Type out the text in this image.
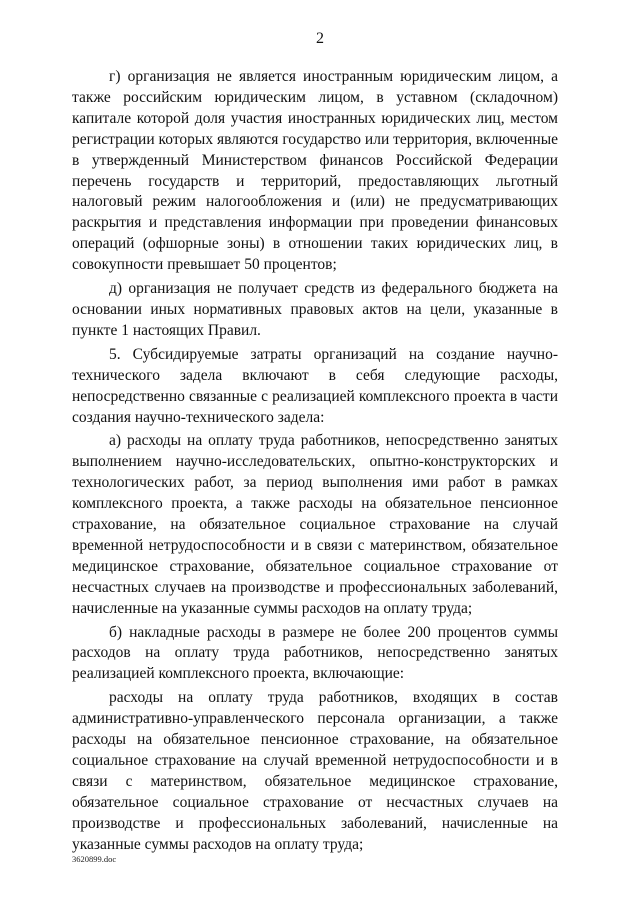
2

г) организация не является иностранным юридическим лицом, а также российским юридическим лицом, в уставном (складочном) капитале которой доля участия иностранных юридических лиц, местом регистрации которых являются государство или территория, включенные в утвержденный Министерством финансов Российской Федерации перечень государств и территорий, предоставляющих льготный налоговый режим налогообложения и (или) не предусматривающих раскрытия и представления информации при проведении финансовых операций (офшорные зоны) в отношении таких юридических лиц, в совокупности превышает 50 процентов;

д) организация не получает средств из федерального бюджета на основании иных нормативных правовых актов на цели, указанные в пункте 1 настоящих Правил.

5. Субсидируемые затраты организаций на создание научно-технического задела включают в себя следующие расходы, непосредственно связанные с реализацией комплексного проекта в части создания научно-технического задела:

а) расходы на оплату труда работников, непосредственно занятых выполнением научно-исследовательских, опытно-конструкторских и технологических работ, за период выполнения ими работ в рамках комплексного проекта, а также расходы на обязательное пенсионное страхование, на обязательное социальное страхование на случай временной нетрудоспособности и в связи с материнством, обязательное медицинское страхование, обязательное социальное страхование от несчастных случаев на производстве и профессиональных заболеваний, начисленные на указанные суммы расходов на оплату труда;

б) накладные расходы в размере не более 200 процентов суммы расходов на оплату труда работников, непосредственно занятых реализацией комплексного проекта, включающие:

расходы на оплату труда работников, входящих в состав административно-управленческого персонала организации, а также расходы на обязательное пенсионное страхование, на обязательное социальное страхование на случай временной нетрудоспособности и в связи с материнством, обязательное медицинское страхование, обязательное социальное страхование от несчастных случаев на производстве и профессиональных заболеваний, начисленные на указанные суммы расходов на оплату труда;

3620899.doc
